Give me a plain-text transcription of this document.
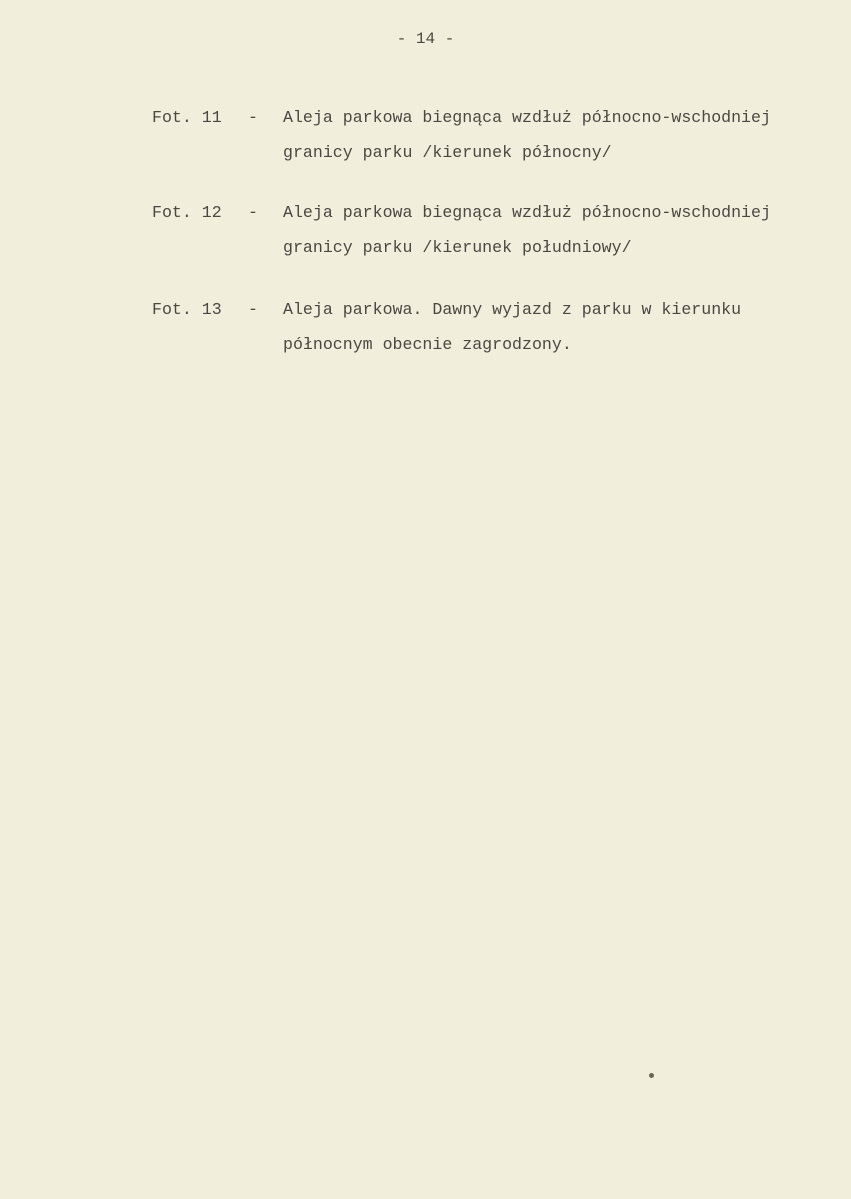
- 14 -
Fot. 11 - Aleja parkowa biegnąca wzdłuż północno-wschodniej
granicy parku /kierunek północny/
Fot. 12 - Aleja parkowa biegnąca wzdłuż północno-wschodniej
granicy parku /kierunek południowy/
Fot. 13 - Aleja parkowa. Dawny wyjazd z parku w kierunku
północnym obecnie zagrodzony.
